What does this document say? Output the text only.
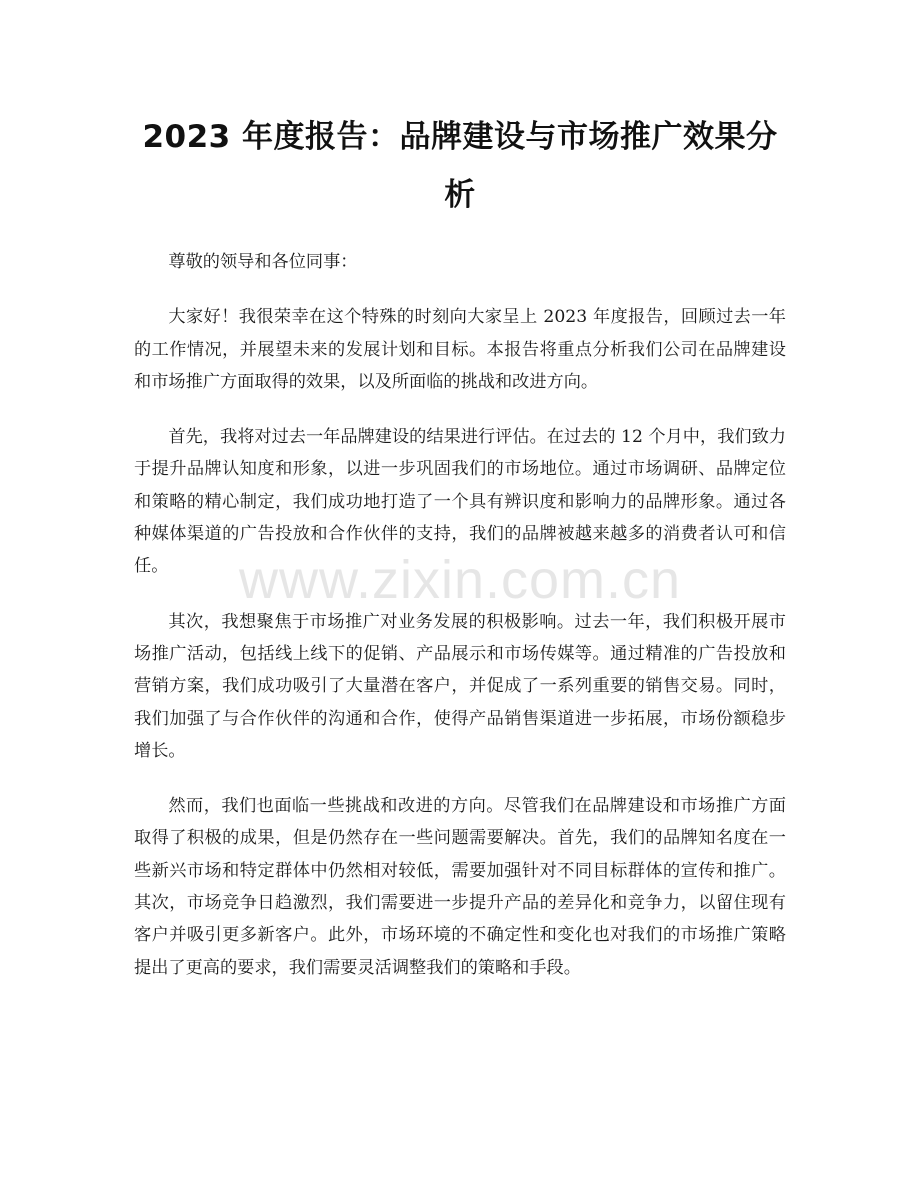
2023 年度报告：品牌建设与市场推广效果分析

尊敬的领导和各位同事：

大家好！我很荣幸在这个特殊的时刻向大家呈上 2023 年度报告，回顾过去一年的工作情况，并展望未来的发展计划和目标。本报告将重点分析我们公司在品牌建设和市场推广方面取得的效果，以及所面临的挑战和改进方向。

首先，我将对过去一年品牌建设的结果进行评估。在过去的 12 个月中，我们致力于提升品牌认知度和形象，以进一步巩固我们的市场地位。通过市场调研、品牌定位和策略的精心制定，我们成功地打造了一个具有辨识度和影响力的品牌形象。通过各种媒体渠道的广告投放和合作伙伴的支持，我们的品牌被越来越多的消费者认可和信任。

其次，我想聚焦于市场推广对业务发展的积极影响。过去一年，我们积极开展市场推广活动，包括线上线下的促销、产品展示和市场传媒等。通过精准的广告投放和营销方案，我们成功吸引了大量潜在客户，并促成了一系列重要的销售交易。同时，我们加强了与合作伙伴的沟通和合作，使得产品销售渠道进一步拓展，市场份额稳步增长。

然而，我们也面临一些挑战和改进的方向。尽管我们在品牌建设和市场推广方面取得了积极的成果，但是仍然存在一些问题需要解决。首先，我们的品牌知名度在一些新兴市场和特定群体中仍然相对较低，需要加强针对不同目标群体的宣传和推广。其次，市场竞争日趋激烈，我们需要进一步提升产品的差异化和竞争力，以留住现有客户并吸引更多新客户。此外，市场环境的不确定性和变化也对我们的市场推广策略提出了更高的要求，我们需要灵活调整我们的策略和手段。

www.zixin.com.cn
